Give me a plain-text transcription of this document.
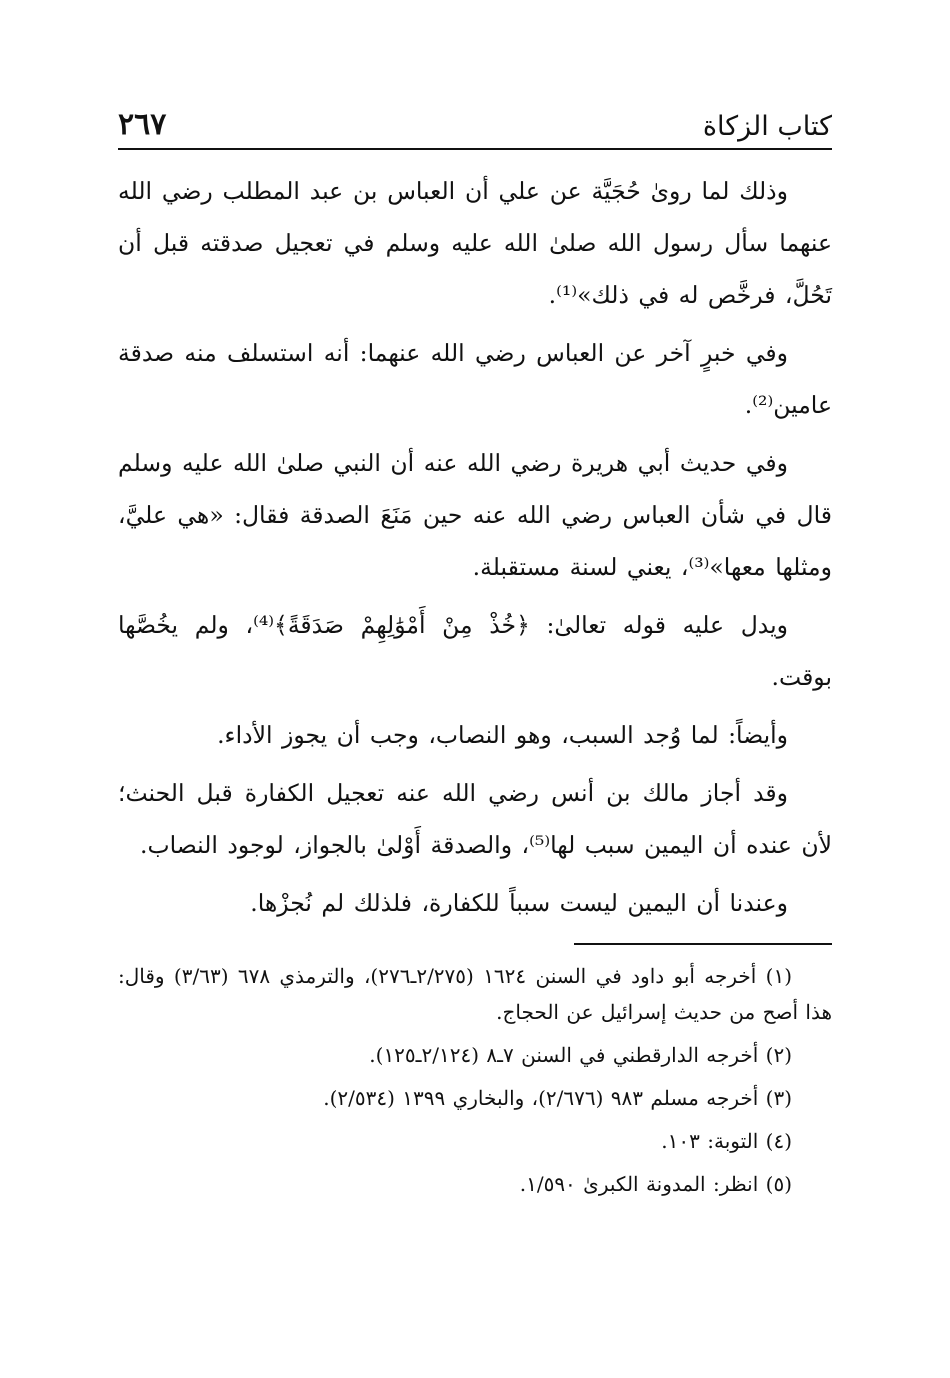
كتاب الزكاة
٢٦٧

وذلك لما روىٰ حُجَيَّة عن علي أن العباس بن عبد المطلب رضي الله عنهما سأل رسول الله صلىٰ الله عليه وسلم في تعجيل صدقته قبل أن تَحُلَّ، فرخَّص له في ذلك»⁽¹⁾.

وفي خبرٍ آخر عن العباس رضي الله عنهما: أنه استسلف منه صدقة عامين⁽²⁾.

وفي حديث أبي هريرة رضي الله عنه أن النبي صلىٰ الله عليه وسلم قال في شأن العباس رضي الله عنه حين مَنَعَ الصدقة فقال: «هي عليَّ، ومثلها معها»⁽³⁾، يعني لسنة مستقبلة.

ويدل عليه قوله تعالىٰ: ﴿خُذْ مِنْ أَمْوَٰلِهِمْ صَدَقَةً﴾⁽⁴⁾، ولم يخُصَّها بوقت.

وأيضاً: لما وُجد السبب، وهو النصاب، وجب أن يجوز الأداء.

وقد أجاز مالك بن أنس رضي الله عنه تعجيل الكفارة قبل الحنث؛ لأن عنده أن اليمين سبب لها⁽⁵⁾، والصدقة أَوْلىٰ بالجواز، لوجود النصاب.

وعندنا أن اليمين ليست سبباً للكفارة، فلذلك لم نُجزْها.

(١) أخرجه أبو داود في السنن ١٦٢٤ (٢/٢٧٥ـ٢٧٦)، والترمذي ٦٧٨ (٣/٦٣) وقال: هذا أصح من حديث إسرائيل عن الحجاج.

(٢) أخرجه الدارقطني في السنن ٧ـ٨ (٢/١٢٤ـ١٢٥).

(٣) أخرجه مسلم ٩٨٣ (٢/٦٧٦)، والبخاري ١٣٩٩ (٢/٥٣٤).

(٤) التوبة: ١٠٣.

(٥) انظر: المدونة الكبرىٰ ١/٥٩٠.
